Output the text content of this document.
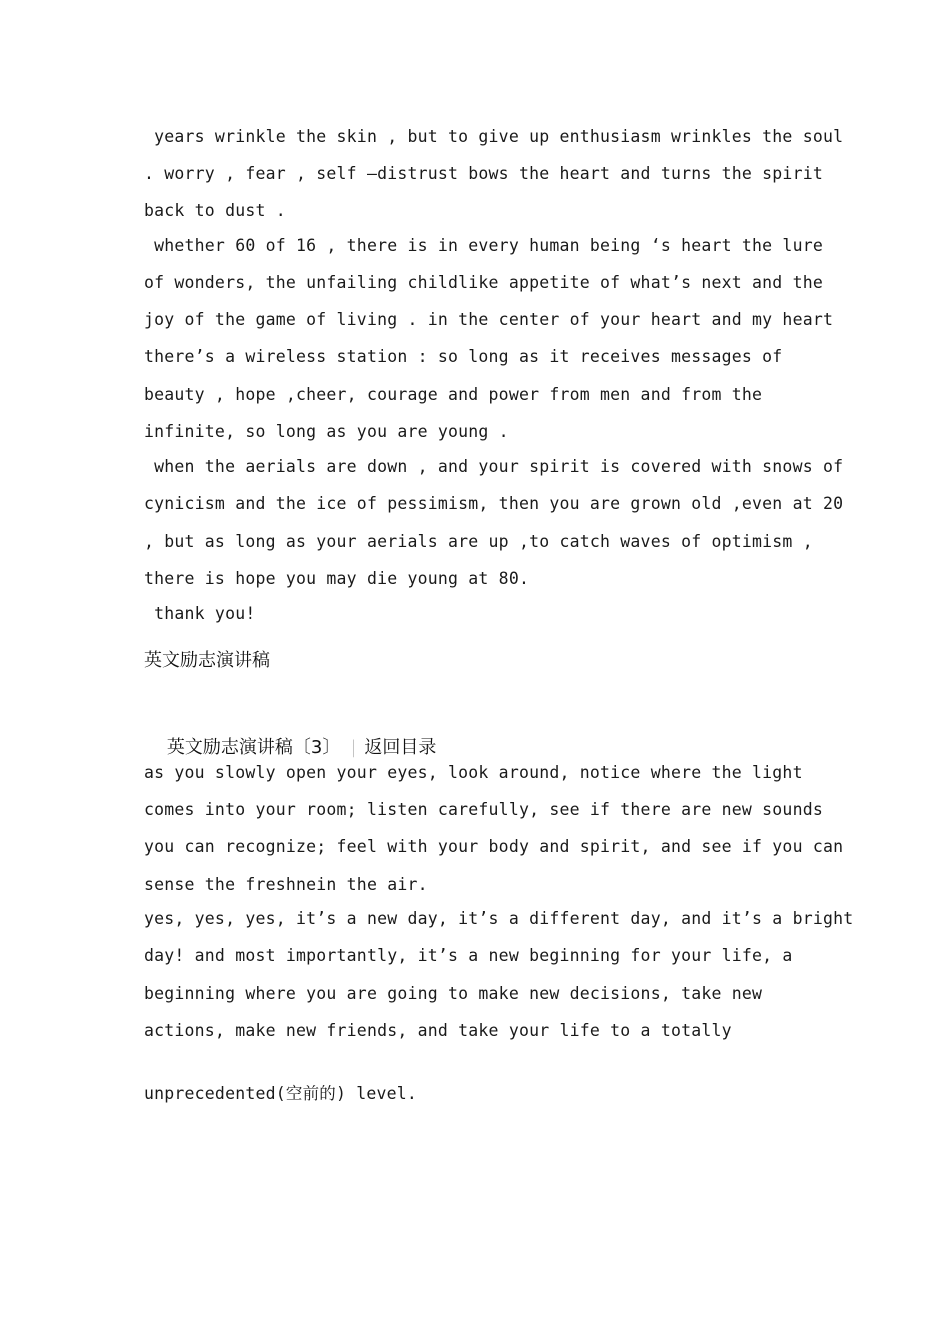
years wrinkle the skin , but to give up enthusiasm wrinkles the soul
. worry , fear , self –distrust bows the heart and turns the spirit
back to dust .
whether 60 of 16 , there is in every human being ‘s heart the lure
of wonders, the unfailing childlike appetite of what’s next and the
joy of the game of living . in the center of your heart and my heart
there’s a wireless station : so long as it receives messages of
beauty , hope ,cheer, courage and power from men and from the
infinite, so long as you are young .
when the aerials are down , and your spirit is covered with snows of
cynicism and the ice of pessimism, then you are grown old ,even at 20
, but as long as your aerials are up ,to catch waves of optimism ,
there is hope you may die young at 80.
thank you!
英文励志演讲稿

英文励志演讲稿〔3〕 | 返回目录

as you slowly open your eyes, look around, notice where the light
comes into your room; listen carefully, see if there are new sounds
you can recognize; feel with your body and spirit, and see if you can
sense the freshnein the air.
yes, yes, yes, it’s a new day, it’s a different day, and it’s a bright
day! and most importantly, it’s a new beginning for your life, a
beginning where you are going to make new decisions, take new
actions, make new friends, and take your life to a totally
unprecedented(空前的) level.
